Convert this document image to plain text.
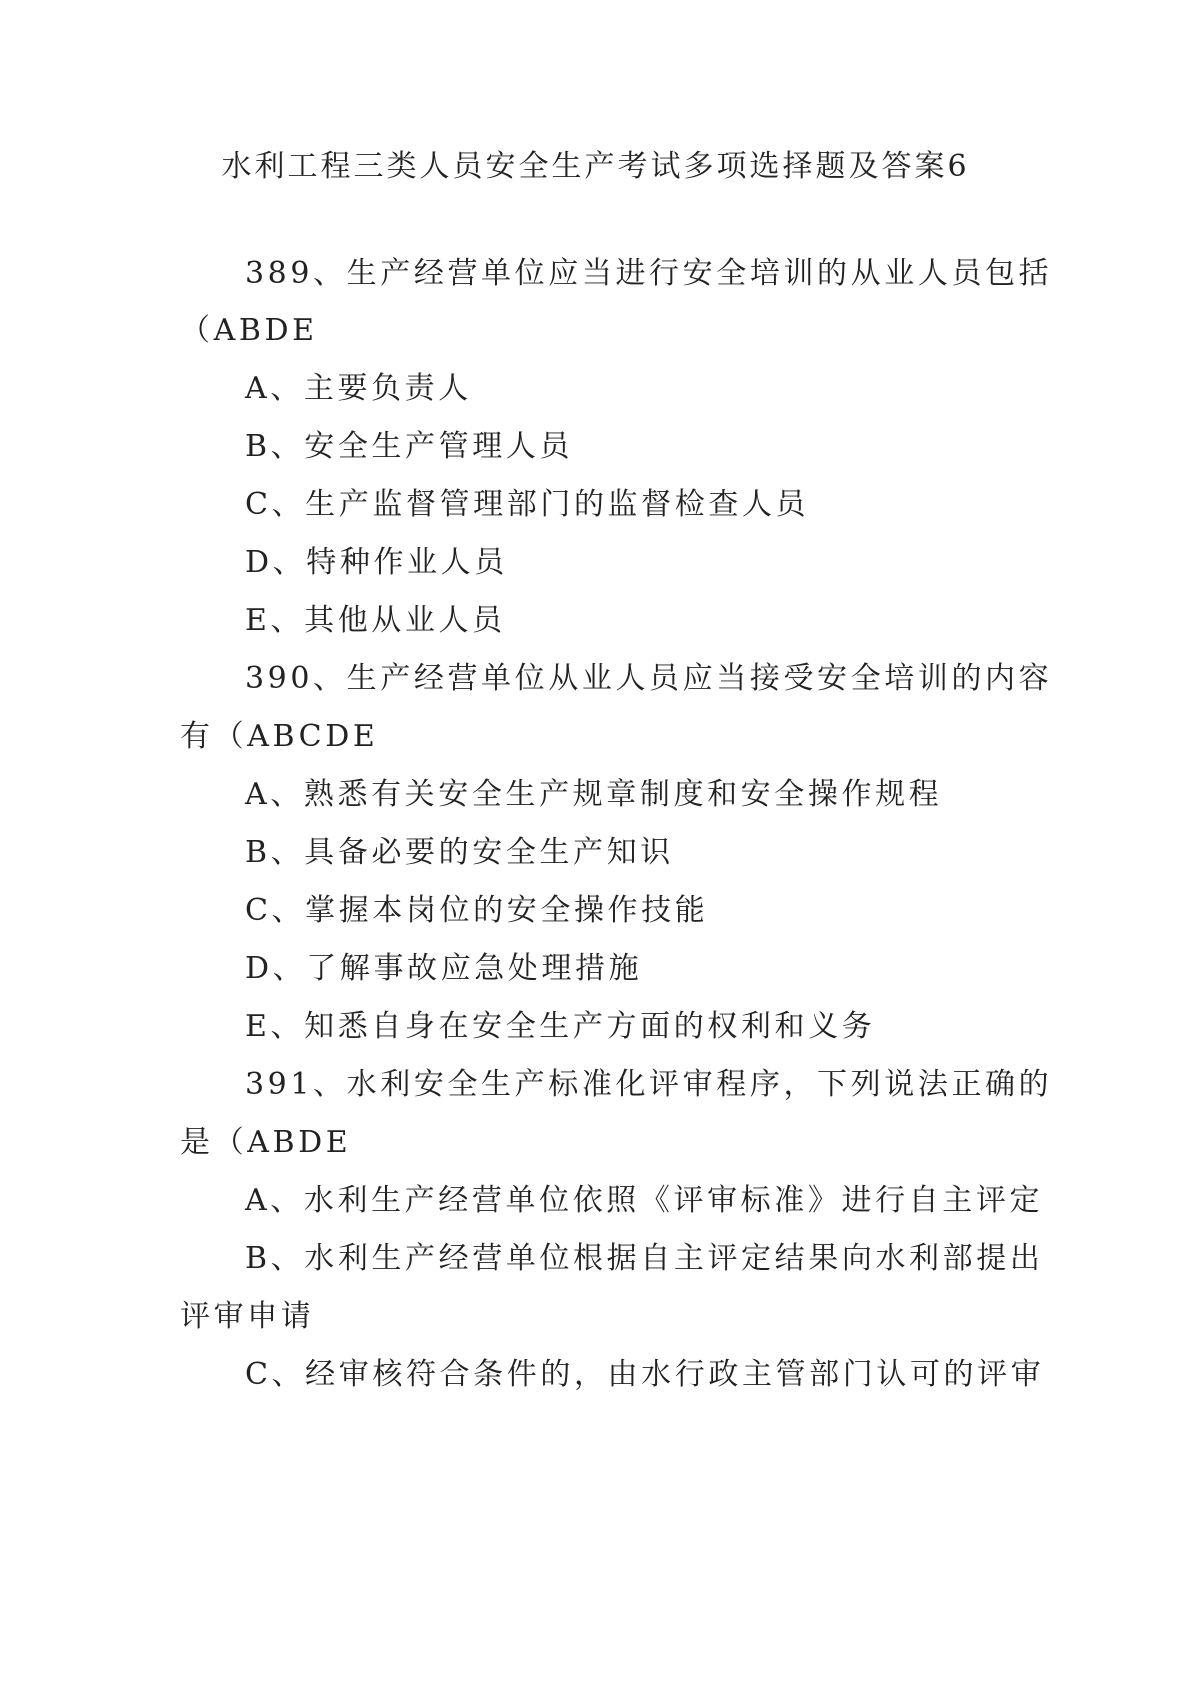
水利工程三类人员安全生产考试多项选择题及答案6
389、生产经营单位应当进行安全培训的从业人员包括
（ABDE
A、主要负责人
B、安全生产管理人员
C、生产监督管理部门的监督检查人员
D、特种作业人员
E、其他从业人员
390、生产经营单位从业人员应当接受安全培训的内容
有（ABCDE
A、熟悉有关安全生产规章制度和安全操作规程
B、具备必要的安全生产知识
C、掌握本岗位的安全操作技能
D、了解事故应急处理措施
E、知悉自身在安全生产方面的权利和义务
391、水利安全生产标准化评审程序，下列说法正确的
是（ABDE
A、水利生产经营单位依照《评审标准》进行自主评定
B、水利生产经营单位根据自主评定结果向水利部提出
评审申请
C、经审核符合条件的，由水行政主管部门认可的评审
